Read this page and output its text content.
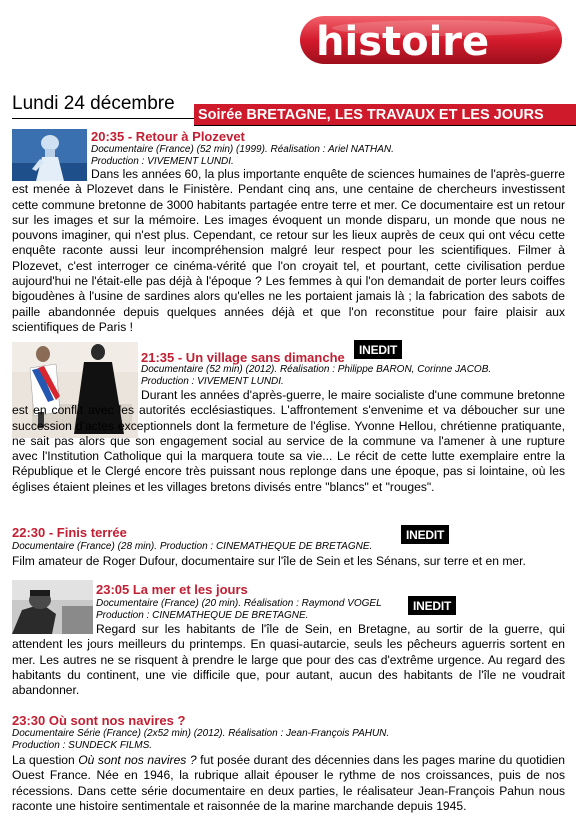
histoire
Lundi 24 décembre
Soirée BRETAGNE, LES TRAVAUX ET LES JOURS
20:35 - Retour à Plozevet
Documentaire (France) (52 min) (1999). Réalisation : Ariel NATHAN.
Production : VIVEMENT LUNDI.

Dans les années 60, la plus importante enquête de sciences humaines de l'après-guerre est menée à Plozevet dans le Finistère. Pendant cinq ans, une centaine de chercheurs investissent cette commune bretonne de 3000 habitants partagée entre terre et mer. Ce documentaire est un retour sur les images et sur la mémoire. Les images évoquent un monde disparu, un monde que nous ne pouvons imaginer, qui n'est plus. Cependant, ce retour sur les lieux auprès de ceux qui ont vécu cette enquête raconte aussi leur incompréhension malgré leur respect pour les scientifiques. Filmer à Plozevet, c'est interroger ce cinéma-vérité que l'on croyait tel, et pourtant, cette civilisation perdue aujourd'hui ne l'était-elle pas déjà à l'époque ? Les femmes à qui l'on demandait de porter leurs coiffes bigoudènes à l'usine de sardines alors qu'elles ne les portaient jamais là ; la fabrication des sabots de paille abandonnée depuis quelques années déjà et que l'on reconstitue pour faire plaisir aux scientifiques de Paris !

21:35 - Un village sans dimanche	INEDIT
Documentaire (52 min) (2012). Réalisation : Philippe BARON, Corinne JACOB.
Production : VIVEMENT LUNDI.

Durant les années d'après-guerre, le maire socialiste d'une commune bretonne est en conflit avec les autorités ecclésiastiques. L'affrontement s'envenime et va déboucher sur une succession d'actes exceptionnels dont la fermeture de l'église. Yvonne Hellou, chrétienne pratiquante, ne sait pas alors que son engagement social au service de la commune va l'amener à une rupture avec l'Institution Catholique qui la marquera toute sa vie... Le récit de cette lutte exemplaire entre la République et le Clergé encore très puissant nous replonge dans une époque, pas si lointaine, où les églises étaient pleines et les villages bretons divisés entre "blancs" et "rouges".

22:30 - Finis terrée	INEDIT
Documentaire (France) (28 min). Production : CINEMATHEQUE DE BRETAGNE.

Film amateur de Roger Dufour, documentaire sur l'île de Sein et les Sénans, sur terre et en mer.

23:05 La mer et les jours
INEDIT
Documentaire (France) (20 min). Réalisation : Raymond VOGEL
Production : CINEMATHEQUE DE BRETAGNE.

Regard sur les habitants de l'île de Sein, en Bretagne, au sortir de la guerre, qui attendent les jours meilleurs du printemps. En quasi-autarcie, seuls les pêcheurs aguerris sortent en mer. Les autres ne se risquent à prendre le large que pour des cas d'extrême urgence. Au regard des habitants du continent, une vie difficile que, pour autant, aucun des habitants de l'île ne voudrait abandonner.

23:30 Où sont nos navires ?
Documentaire Série (France) (2x52 min) (2012). Réalisation : Jean-François PAHUN.
Production : SUNDECK FILMS.

La question Où sont nos navires ? fut posée durant des décennies dans les pages marine du quotidien Ouest France. Née en 1946, la rubrique allait épouser le rythme de nos croissances, puis de nos récessions. Dans cette série documentaire en deux parties, le réalisateur Jean-François Pahun nous raconte une histoire sentimentale et raisonnée de la marine marchande depuis 1945.
